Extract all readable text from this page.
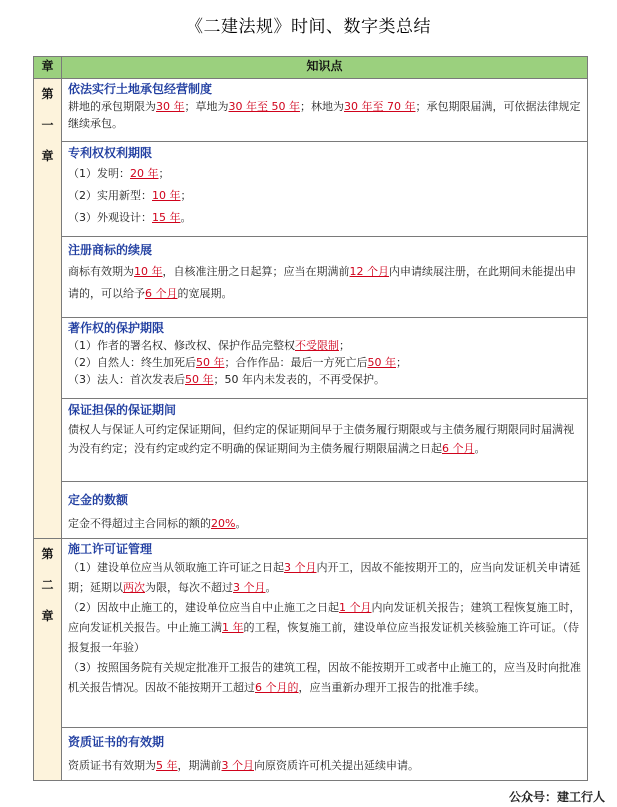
《二建法规》时间、数字类总结
章	知识点
第一章	依法实行土地承包经营制度
耕地的承包期限为30 年；草地为30 年至 50 年；林地为30 年至 70 年；承包期限届满，可依据法律规定继续承包。

	专利权权利期限
（1）发明：20 年；
（2）实用新型：10 年；
（3）外观设计：15 年。

	注册商标的续展
商标有效期为10 年，自核准注册之日起算；应当在期满前12 个月内申请续展注册，在此期间未能提出申请的，可以给予6 个月的宽展期。

	著作权的保护期限
（1）作者的署名权、修改权、保护作品完整权不受限制；
（2）自然人：终生加死后50 年；合作作品：最后一方死亡后50 年；
（3）法人：首次发表后50 年；50 年内未发表的，不再受保护。

	保证担保的保证期间
债权人与保证人可约定保证期间，但约定的保证期间早于主债务履行期限或与主债务履行期限同时届满视为没有约定；没有约定或约定不明确的保证期间为主债务履行期限届满之日起6 个月。

	定金的数额
定金不得超过主合同标的额的20%。

第二章	施工许可证管理
（1）建设单位应当从领取施工许可证之日起3 个月内开工，因故不能按期开工的，应当向发证机关申请延期；延期以两次为限，每次不超过3 个月。
（2）因故中止施工的，建设单位应当自中止施工之日起1 个月内向发证机关报告；建筑工程恢复施工时，应向发证机关报告。中止施工满1 年的工程，恢复施工前，建设单位应当报发证机关核验施工许可证。（侍报复报一年验）
（3）按照国务院有关规定批准开工报告的建筑工程，因故不能按期开工或者中止施工的，应当及时向批准机关报告情况。因故不能按期开工超过6 个月的，应当重新办理开工报告的批准手续。

	资质证书的有效期
资质证书有效期为5 年，期满前3 个月向原资质许可机关提出延续申请。
公众号：建工行人
